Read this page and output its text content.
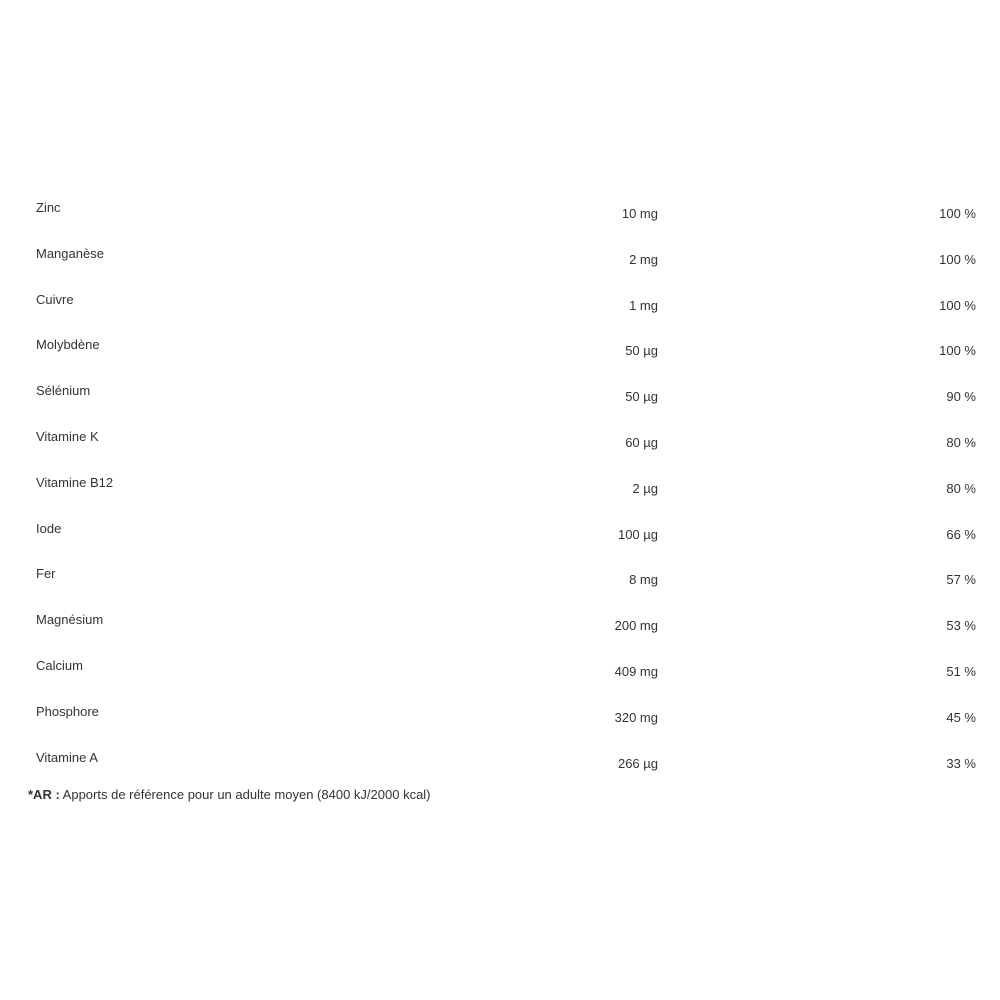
Zinc	10 mg	100 %
Manganèse	2 mg	100 %
Cuivre	1 mg	100 %
Molybdène	50 µg	100 %
Sélénium	50 µg	90 %
Vitamine K	60 µg	80 %
Vitamine B12	2 µg	80 %
Iode	100 µg	66 %
Fer	8 mg	57 %
Magnésium	200 mg	53 %
Calcium	409 mg	51 %
Phosphore	320 mg	45 %
Vitamine A	266 µg	33 %
*AR : Apports de référence pour un adulte moyen (8400 kJ/2000 kcal)
